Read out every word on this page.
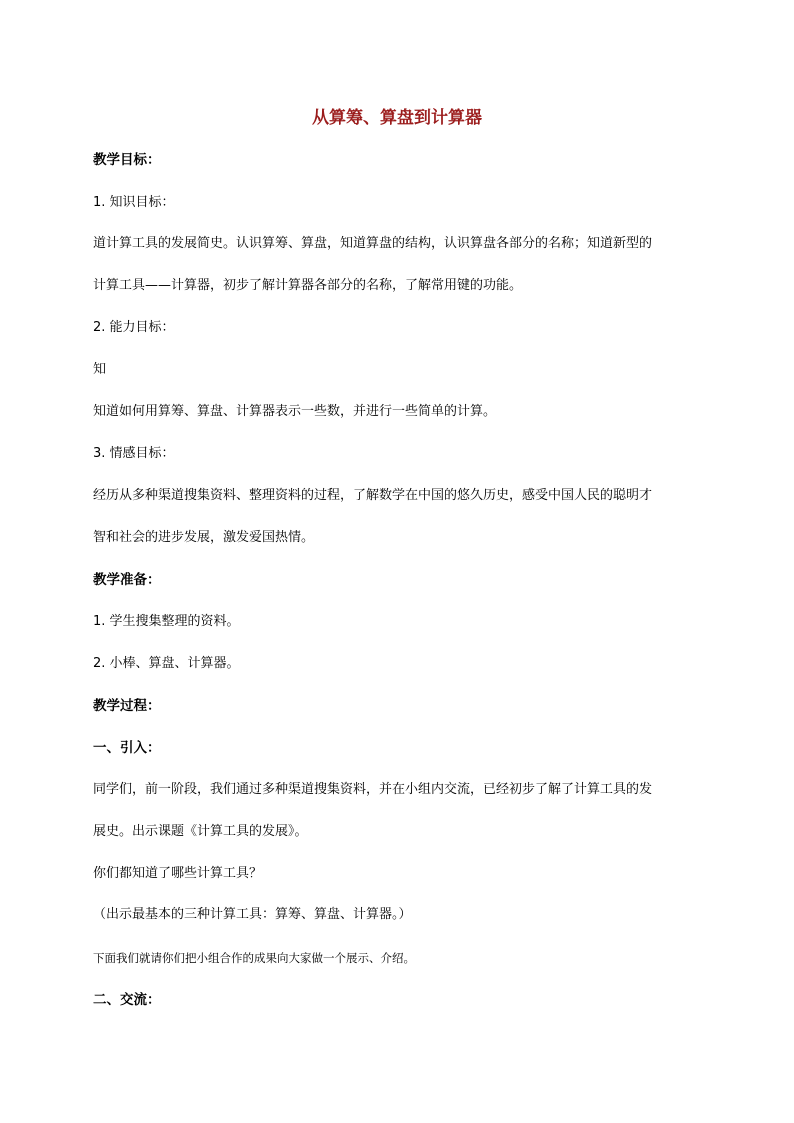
从算筹、算盘到计算器
教学目标：
1. 知识目标：
道计算工具的发展简史。认识算筹、算盘，知道算盘的结构，认识算盘各部分的名称；知道新型的
计算工具——计算器，初步了解计算器各部分的名称，了解常用键的功能。
2. 能力目标：
知
知道如何用算筹、算盘、计算器表示一些数，并进行一些简单的计算。
3. 情感目标：
经历从多种渠道搜集资料、整理资料的过程，了解数学在中国的悠久历史，感受中国人民的聪明才
智和社会的进步发展，激发爱国热情。
教学准备：
1. 学生搜集整理的资料。
2. 小棒、算盘、计算器。
教学过程：
一、引入：
同学们，前一阶段，我们通过多种渠道搜集资料，并在小组内交流，已经初步了解了计算工具的发
展史。出示课题《计算工具的发展》。
你们都知道了哪些计算工具？
（出示最基本的三种计算工具：算筹、算盘、计算器。）
下面我们就请你们把小组合作的成果向大家做一个展示、介绍。
二、交流：
